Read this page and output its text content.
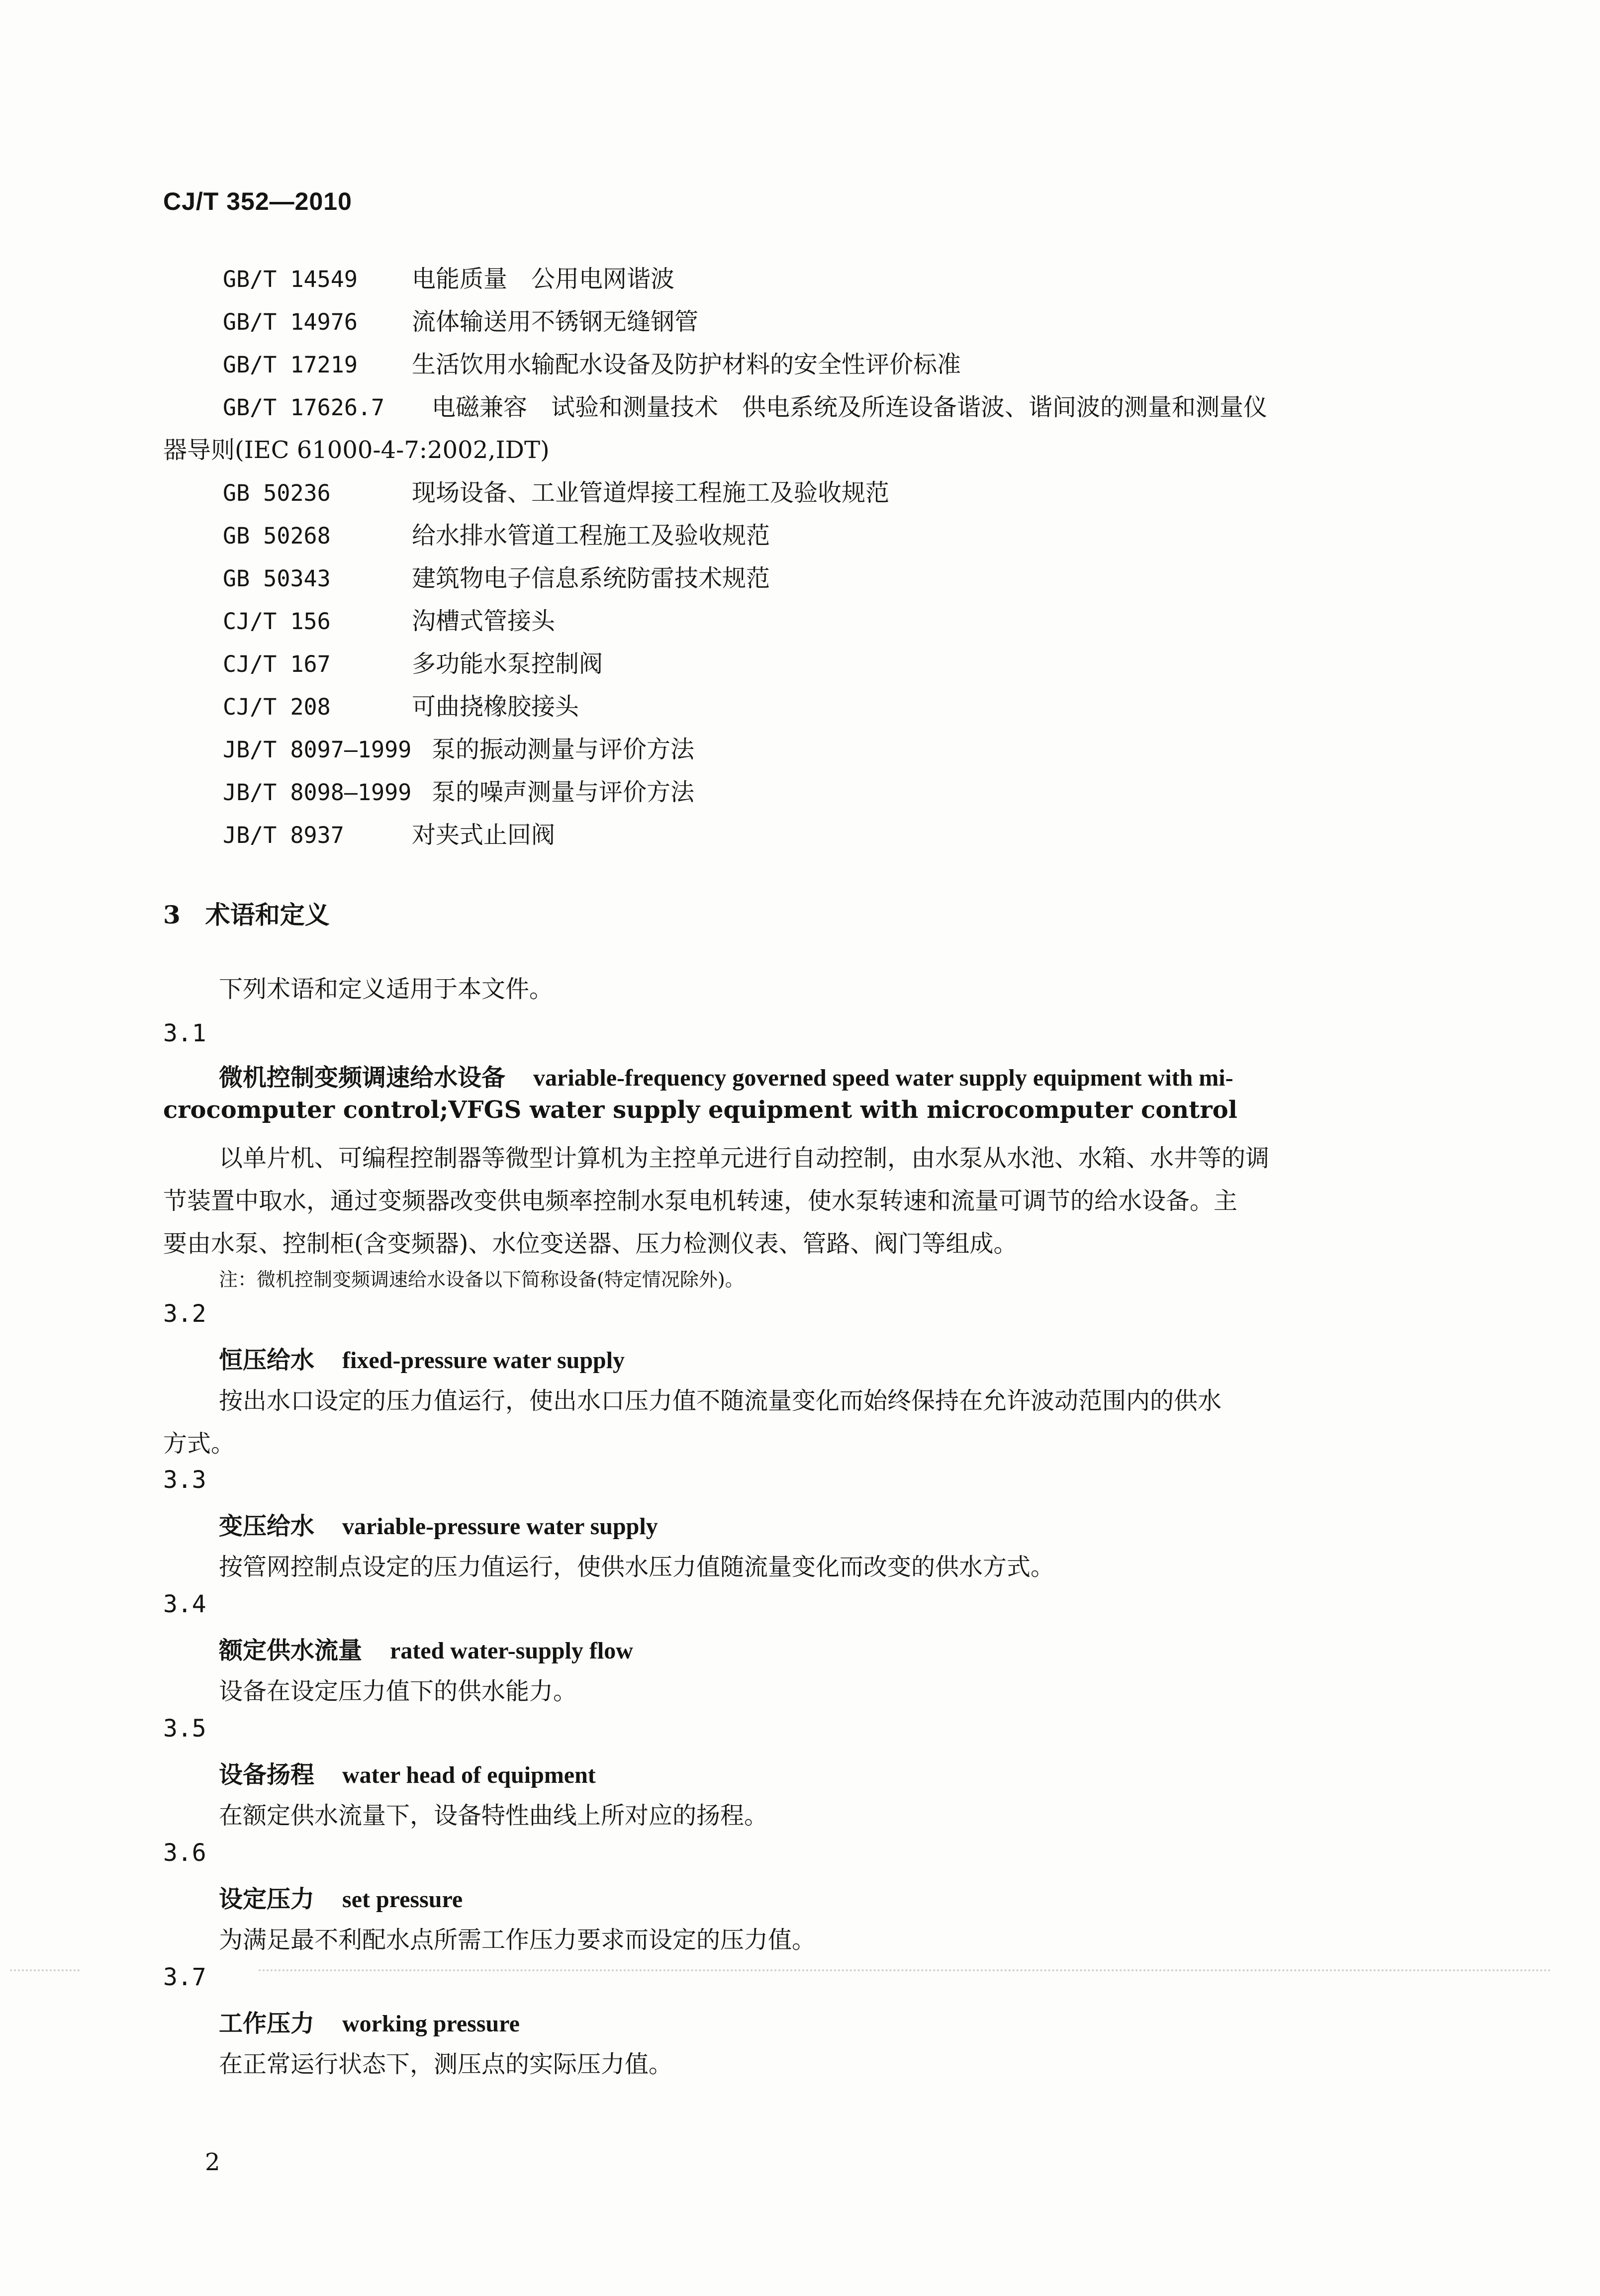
CJ/T 352—2010
GB/T 14549 电能质量　公用电网谐波
GB/T 14976 流体输送用不锈钢无缝钢管
GB/T 17219 生活饮用水输配水设备及防护材料的安全性评价标准
GB/T 17626.7 电磁兼容　试验和测量技术　供电系统及所连设备谐波、谐间波的测量和测量仪
器导则(IEC 61000-4-7:2002,IDT)
GB 50236	现场设备、工业管道焊接工程施工及验收规范
GB 50268	给水排水管道工程施工及验收规范
GB 50343	建筑物电子信息系统防雷技术规范
CJ/T 156	沟槽式管接头
CJ/T 167	多功能水泵控制阀
CJ/T 208	可曲挠橡胶接头
JB/T 8097—1999 泵的振动测量与评价方法
JB/T 8098—1999 泵的噪声测量与评价方法
JB/T 8937	对夹式止回阀
3　术语和定义
下列术语和定义适用于本文件。
3.1
微机控制变频调速给水设备 variable-frequency governed speed water supply equipment with mi-
crocomputer control;VFGS water supply equipment with microcomputer control
以单片机、可编程控制器等微型计算机为主控单元进行自动控制，由水泵从水池、水箱、水井等的调
节装置中取水，通过变频器改变供电频率控制水泵电机转速，使水泵转速和流量可调节的给水设备。主
要由水泵、控制柜(含变频器)、水位变送器、压力检测仪表、管路、阀门等组成。
注：微机控制变频调速给水设备以下简称设备(特定情况除外)。
3.2
恒压给水 fixed-pressure water supply
按出水口设定的压力值运行，使出水口压力值不随流量变化而始终保持在允许波动范围内的供水
方式。
3.3
变压给水 variable-pressure water supply
按管网控制点设定的压力值运行，使供水压力值随流量变化而改变的供水方式。
3.4
额定供水流量 rated water-supply flow
设备在设定压力值下的供水能力。
3.5
设备扬程 water head of equipment
在额定供水流量下，设备特性曲线上所对应的扬程。
3.6
设定压力 set pressure
为满足最不利配水点所需工作压力要求而设定的压力值。
3.7
工作压力 working pressure
在正常运行状态下，测压点的实际压力值。
2
